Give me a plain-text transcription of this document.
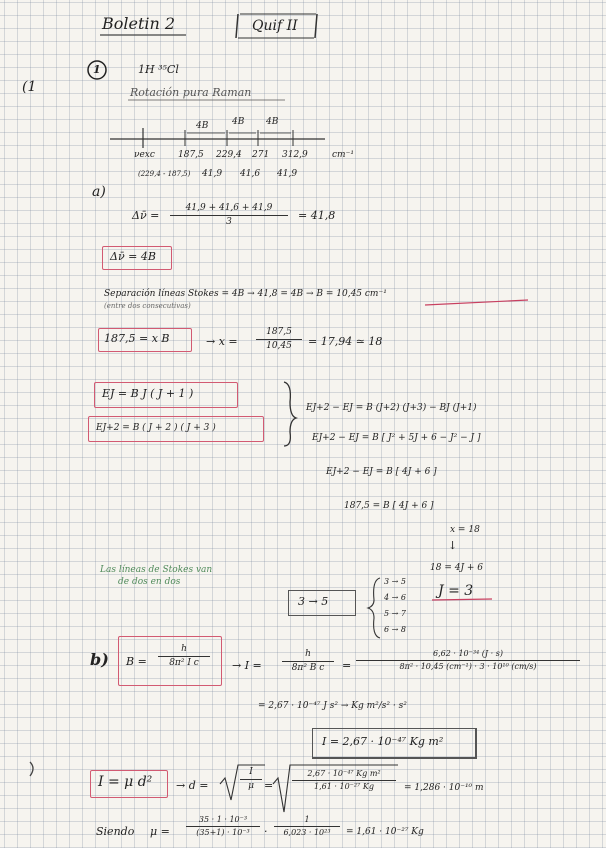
Boletin 2	Quif II
(1
1	1H ³⁵Cl
Rotación pura Raman
4B	4B 4B
νexc	187,5 229,4 271 312,9	cm⁻¹
(229,4 - 187,5) 41,9 41,6 41,9
a)
Δν̄ =
41,9 + 41,6 + 41,9
3	= 41,8
Δν̄ = 4B
Separación líneas Stokes = 4B → 41,8 = 4B → B = 10,45 cm⁻¹
(entre dos consecutivas)
187,5 = x B	→ x =
187,5
10,45	= 17,94 ≃ 18
EJ = B J ( J + 1 )
EJ+2 = B ( J + 2 ) ( J + 3 )
EJ+2 − EJ = B (J+2) (J+3) − BJ (J+1)
EJ+2 − EJ = B [ J² + 5J + 6 − J² − J ]
EJ+2 − EJ = B [ 4J + 6 ]
187,5 = B [ 4J + 6 ]
x = 18
↓
18 = 4J + 6
J = 3
Las líneas de Stokes van
de dos en dos
3 → 5
3 → 5
4 → 6
5 → 7
6 → 8
b) B =
h
8π² I c	→ I =
h
8π² B c	=
6,62 · 10⁻³⁴ (J · s)
8π² · 10,45 (cm⁻¹) · 3 · 10¹⁰ (cm/s)
= 2,67 · 10⁻⁴⁷ J s² → Kg m²/s² · s²
I = 2,67 · 10⁻⁴⁷ Kg m²
I = μ d² → d =
I
μ =
2,67 · 10⁻⁴⁷ Kg m²
1,61 · 10⁻²⁷ Kg	= 1,286 · 10⁻¹⁰ m
Siendo μ =
35 · 1 · 10⁻³
(35+1) · 10⁻³	·
1
6,023 · 10²³	= 1,61 · 10⁻²⁷ Kg
